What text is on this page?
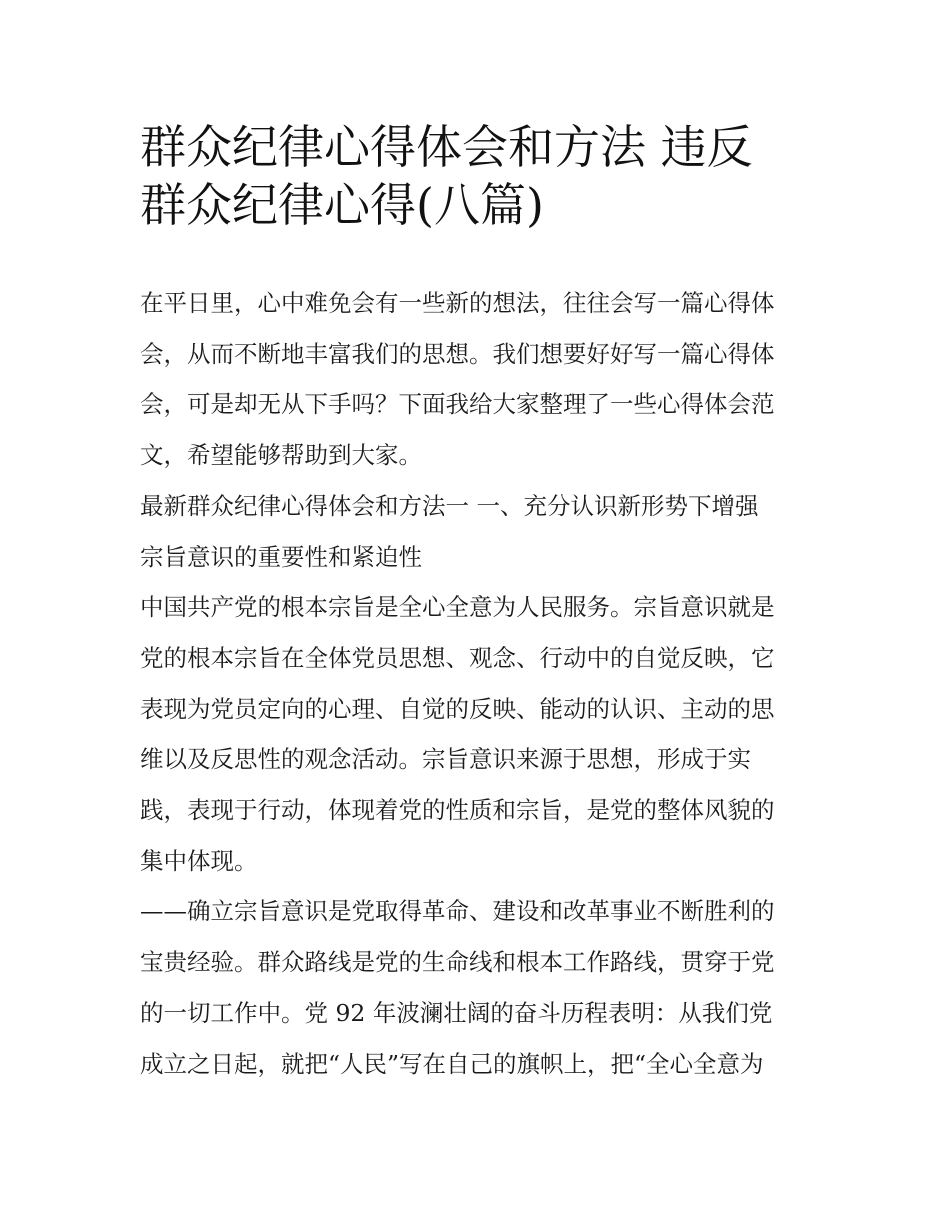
群众纪律心得体会和方法 违反
群众纪律心得(八篇)

在平日里，心中难免会有一些新的想法，往往会写一篇心得体
会，从而不断地丰富我们的思想。我们想要好好写一篇心得体
会，可是却无从下手吗？下面我给大家整理了一些心得体会范
文，希望能够帮助到大家。

最新群众纪律心得体会和方法一 一、充分认识新形势下增强
宗旨意识的重要性和紧迫性

中国共产党的根本宗旨是全心全意为人民服务。宗旨意识就是
党的根本宗旨在全体党员思想、观念、行动中的自觉反映，它
表现为党员定向的心理、自觉的反映、能动的认识、主动的思
维以及反思性的观念活动。宗旨意识来源于思想，形成于实
践，表现于行动，体现着党的性质和宗旨，是党的整体风貌的
集中体现。

——确立宗旨意识是党取得革命、建设和改革事业不断胜利的
宝贵经验。群众路线是党的生命线和根本工作路线，贯穿于党
的一切工作中。党 92 年波澜壮阔的奋斗历程表明：从我们党
成立之日起，就把“人民”写在自己的旗帜上，把“全心全意为
